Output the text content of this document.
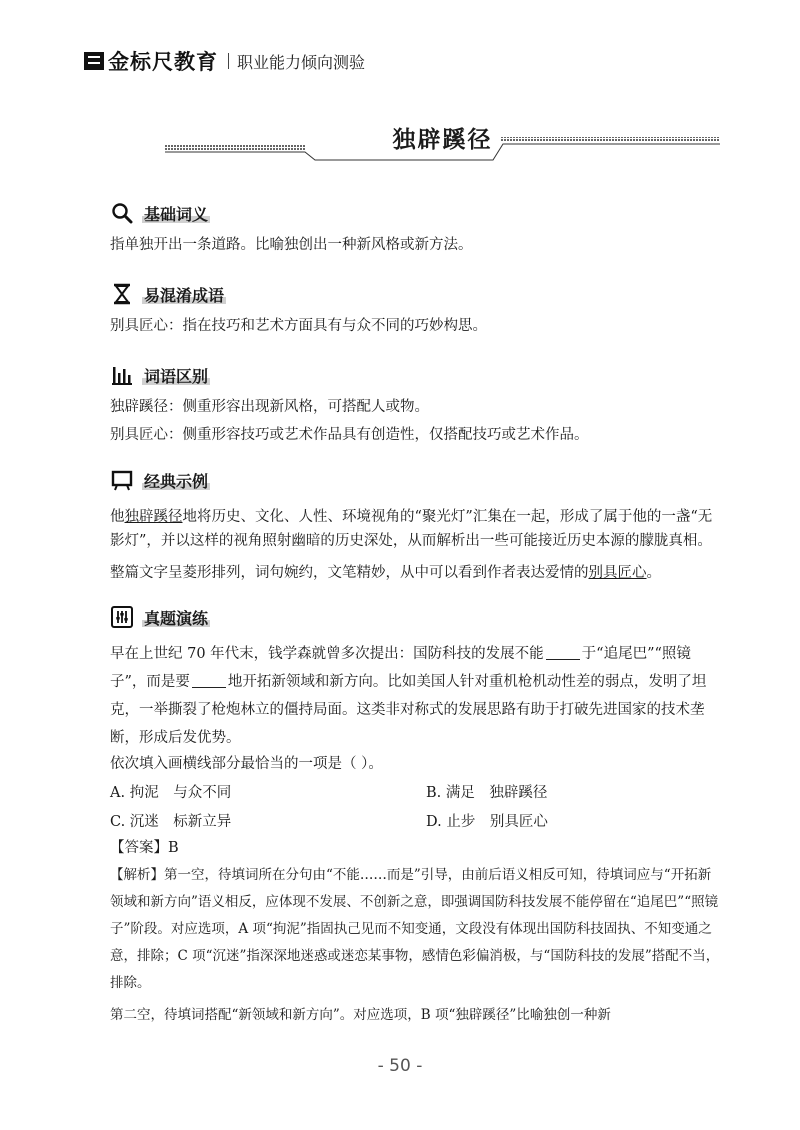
金标尺教育 职业能力倾向测验
独辟蹊径
基础词义
指单独开出一条道路。比喻独创出一种新风格或新方法。
易混淆成语
别具匠心：指在技巧和艺术方面具有与众不同的巧妙构思。
词语区别
独辟蹊径：侧重形容出现新风格，可搭配人或物。
别具匠心：侧重形容技巧或艺术作品具有创造性，仅搭配技巧或艺术作品。
经典示例
他独辟蹊径地将历史、文化、人性、环境视角的“聚光灯”汇集在一起，形成了属于他的一盏“无影灯”，并以这样的视角照射幽暗的历史深处，从而解析出一些可能接近历史本源的朦胧真相。
整篇文字呈菱形排列，词句婉约，文笔精妙，从中可以看到作者表达爱情的别具匠心。
真题演练
早在上世纪 70 年代末，钱学森就曾多次提出：国防科技的发展不能	于“追尾巴”“照镜子”，而是要	地开拓新领域和新方向。比如美国人针对重机枪机动性差的弱点，发明了坦克，一举撕裂了枪炮林立的僵持局面。这类非对称式的发展思路有助于打破先进国家的技术垄断，形成后发优势。
依次填入画横线部分最恰当的一项是（ ）。
A. 拘泥　与众不同	B. 满足　独辟蹊径
C. 沉迷　标新立异	D. 止步　别具匠心
【答案】B
【解析】第一空，待填词所在分句由“不能……而是”引导，由前后语义相反可知，待填词应与“开拓新领域和新方向”语义相反，应体现不发展、不创新之意，即强调国防科技发展不能停留在“追尾巴”“照镜子”阶段。对应选项，A 项“拘泥”指固执己见而不知变通，文段没有体现出国防科技固执、不知变通之意，排除；C 项“沉迷”指深深地迷惑或迷恋某事物，感情色彩偏消极，与“国防科技的发展”搭配不当，排除。
第二空，待填词搭配“新领域和新方向”。对应选项，B 项“独辟蹊径”比喻独创一种新
- 50 -
